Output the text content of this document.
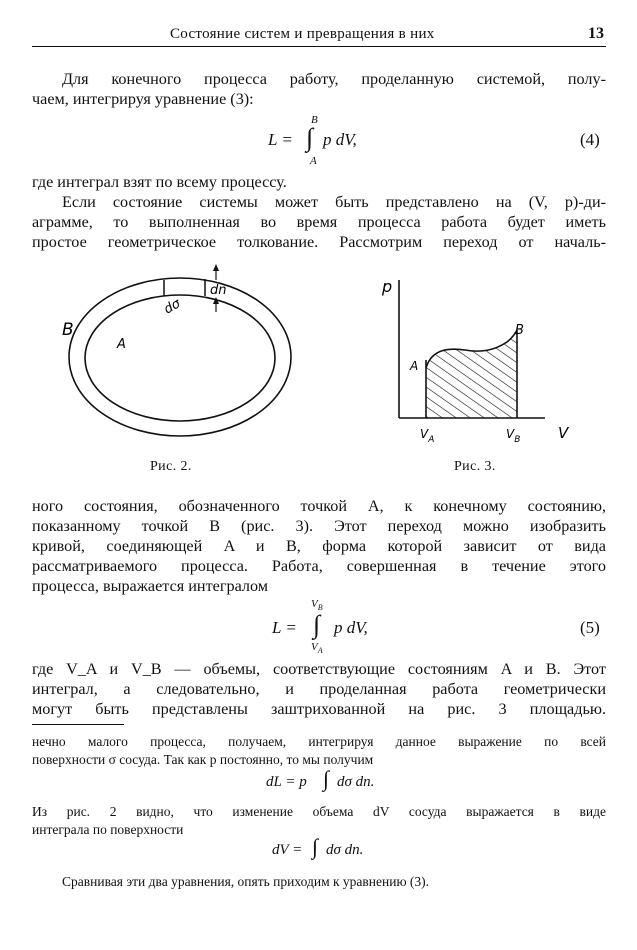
Состояние систем и превращения в них	13
Для конечного процесса работу, проделанную системой, полу-
чаем, интегрируя уравнение (3):
L =
B
∫
A
p dV,	(4)
где интеграл взят по всему процессу.
Если состояние системы может быть представлено на (V, p)-ди-
аграмме, то выполненная во время процесса работа будет иметь
простое геометрическое толкование. Рассмотрим переход от началь-
B
A
dσ
dn
Рис. 2.
p
V
A
B
$V_A$	$V_B$
Рис. 3.
ного состояния, обозначенного точкой A, к конечному состоянию,
показанному точкой B (рис. 3). Этот переход можно изобразить
кривой, соединяющей A и B, форма которой зависит от вида
рассматриваемого процесса. Работа, совершенная в течение этого
процесса, выражается интегралом
L =
$V_B$
∫
$V_A$
p dV,	(5)
где V_A и V_B — объемы, соответствующие состояниям A и B. Этот
интеграл, а следовательно, и проделанная работа геометрически
могут быть представлены заштрихованной на рис. 3 площадью.
нечно малого процесса, получаем, интегрируя данное выражение по всей
поверхности σ сосуда. Так как p постоянно, то мы получим
dL = p ∫ dσ dn.
Из рис. 2 видно, что изменение объема dV сосуда выражается в виде
интеграла по поверхности
dV = ∫ dσ dn.
Сравнивая эти два уравнения, опять приходим к уравнению (3).
